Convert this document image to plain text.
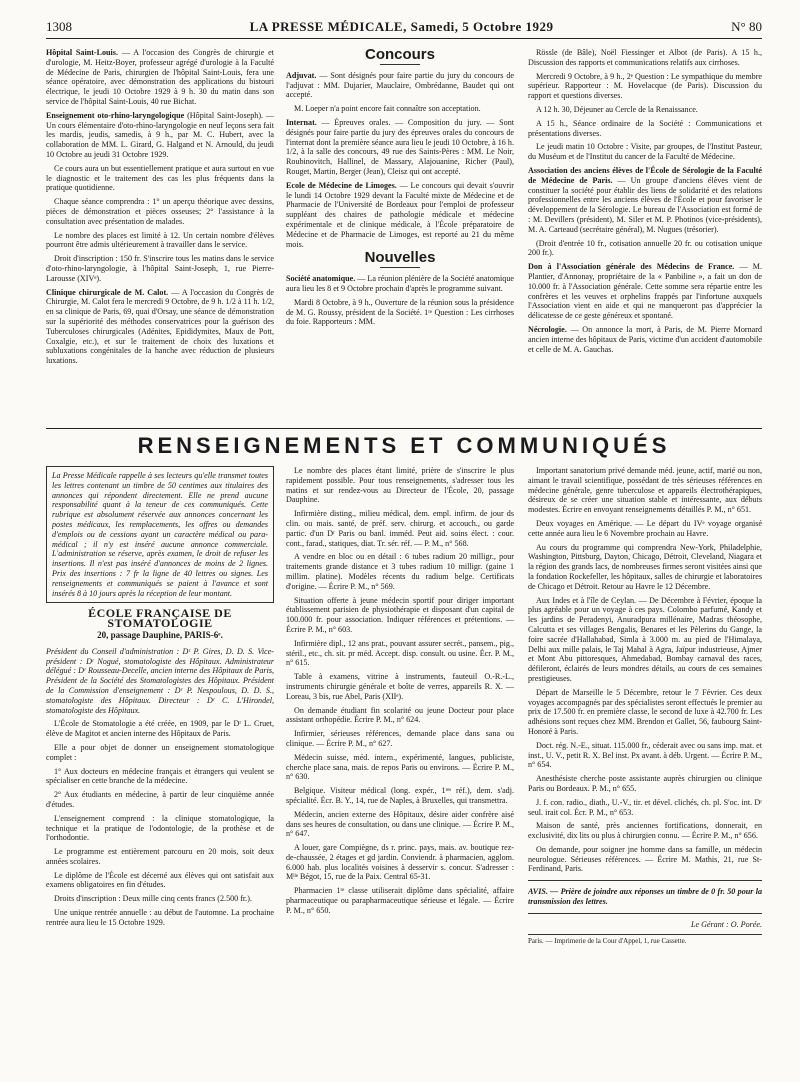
1308	LA PRESSE MÉDICALE, Samedi, 5 Octobre 1929	N° 80

Hôpital Saint-Louis. — A l'occasion des Congrès de chirurgie et d'urologie, M. Heitz-Boyer, professeur agrégé d'urologie à la Faculté de Médecine de Paris, chirurgien de l'hôpital Saint-Louis, fera une séance opératoire, avec démonstration des applications du bistouri électrique, le jeudi 10 Octobre 1929 à 9 h. 30 du matin dans son service de l'hôpital Saint-Louis, 40 rue Bichat.

Enseignement oto-rhino-laryngologique (Hôpital Saint-Joseph). — Un cours élémentaire d'oto-rhino-laryngologie en neuf leçons sera fait les mardis, jeudis, samedis, à 9 h., par M. C. Hubert, avec la collaboration de MM. L. Girard, G. Halgand et N. Arnould, du jeudi 10 Octobre au jeudi 31 Octobre 1929.

Ce cours aura un but essentiellement pratique et aura surtout en vue le diagnostic et le traitement des cas les plus fréquents dans la pratique quotidienne.

Chaque séance comprendra : 1° un aperçu théorique avec dessins, pièces de démonstration et pièces osseuses; 2° l'assistance à la consultation avec présentation de malades.

Le nombre des places est limité à 12. Un certain nombre d'élèves pourront être admis ultérieurement à travailler dans le service.

Droit d'inscription : 150 fr. S'inscrire tous les matins dans le service d'oto-rhino-laryngologie, à l'hôpital Saint-Joseph, 1, rue Pierre-Larousse (XIVᵉ).

Clinique chirurgicale de M. Calot. — A l'occasion du Congrès de Chirurgie, M. Calot fera le mercredi 9 Octobre, de 9 h. 1/2 à 11 h. 1/2, en sa clinique de Paris, 69, quai d'Orsay, une séance de démonstration sur la supériorité des méthodes conservatrices pour la guérison des Tuberculoses chirurgicales (Adénites, Epididymites, Maux de Pott, Coxalgie, etc.), et sur le traitement de choix des luxations et subluxations congénitales de la hanche avec réduction de plusieurs luxations.

Concours

Adjuvat. — Sont désignés pour faire partie du jury du concours de l'adjuvat : MM. Dujarier, Mauclaire, Ombrédanne, Baudet qui ont accepté.

M. Loeper n'a point encore fait connaître son acceptation.

Internat. — Épreuves orales. — Composition du jury. — Sont désignés pour faire partie du jury des épreuves orales du concours de l'internat dont la première séance aura lieu le jeudi 10 Octobre, à 16 h. 1/2, à la salle des concours, 49 rue des Saints-Pères : MM. Le Noir, Roubinovitch, Hallinel, de Massary, Alajouanine, Richer (Paul), Rouget, Martin, Berger (Jean), Cleisz qui ont accepté.

Ecole de Médecine de Limoges. — Le concours qui devait s'ouvrir le lundi 14 Octobre 1929 devant la Faculté mixte de Médecine et de Pharmacie de l'Université de Bordeaux pour l'emploi de professeur suppléant des chaires de pathologie médicale et médecine expérimentale et de clinique médicale, à l'École préparatoire de Médecine et de Pharmacie de Limoges, est reporté au 21 du même mois.

Nouvelles

Société anatomique. — La réunion plénière de la Société anatomique aura lieu les 8 et 9 Octobre prochain d'après le programme suivant.

Mardi 8 Octobre, à 9 h., Ouverture de la réunion sous la présidence de M. G. Roussy, président de la Société. 1ʳᵉ Question : Les cirrhoses du foie. Rapporteurs : MM.

Rössle (de Bâle), Noël Fiessinger et Albot (de Paris). A 15 h., Discussion des rapports et communications relatifs aux cirrhoses.

Mercredi 9 Octobre, à 9 h., 2ᵉ Question : Le sympathique du membre supérieur. Rapporteur : M. Hovelacque (de Paris). Discussion du rapport et questions diverses.

A 12 h. 30, Déjeuner au Cercle de la Renaissance.

A 15 h., Séance ordinaire de la Société : Communications et présentations diverses.

Le jeudi matin 10 Octobre : Visite, par groupes, de l'Institut Pasteur, du Muséum et de l'Institut du cancer de la Faculté de Médecine.

Association des anciens élèves de l'École de Sérologie de la Faculté de Médecine de Paris. — Un groupe d'anciens élèves vient de constituer la société pour établir des liens de solidarité et des relations professionnelles entre les anciens élèves de l'École et pour favoriser le développement de la Sérologie. Le bureau de l'Association est formé de : M. Devillers (président), M. Siler et M. P. Photinos (vice-présidents), M. A. Carteaud (secrétaire général), M. Nugues (trésorier).

(Droit d'entrée 10 fr., cotisation annuelle 20 fr. ou cotisation unique 200 fr.).

Don à l'Association générale des Médecins de France. — M. Plantier, d'Annonay, propriétaire de la « Panbiline », a fait un don de 10.000 fr. à l'Association générale. Cette somme sera répartie entre les confrères et les veuves et orphelins frappés par l'infortune auxquels l'Association vient en aide et qui ne manqueront pas d'apprécier la délicatesse de ce geste généreux et spontané.

Nécrologie. — On annonce la mort, à Paris, de M. Pierre Mornard ancien interne des hôpitaux de Paris, victime d'un accident d'automobile et celle de M. A. Gauchas.

RENSEIGNEMENTS ET COMMUNIQUÉS
La Presse Médicale rappelle à ses lecteurs qu'elle transmet toutes les lettres contenant un timbre de 50 centimes aux titulaires des annonces qui répondent directement. Elle ne prend aucune responsabilité quant à la teneur de ces communiqués. Cette rubrique est absolument réservée aux annonces concernant les postes médicaux, les remplacements, les offres ou demandes d'emplois ou de cessions ayant un caractère médical ou para-médical ; il n'y est inséré aucune annonce commerciale. L'administration se réserve, après examen, le droit de refuser les insertions. Il n'est pas inséré d'annonces de moins de 2 lignes. Prix des insertions : 7 fr la ligne de 40 lettres ou signes. Les renseignements et communiqués se paient à l'avance et sont insérés 8 à 10 jours après la réception de leur montant.
ÉCOLE FRANÇAISE DE STOMATOLOGIE
20, passage Dauphine, PARIS-6ᵉ.

Président du Conseil d'administration : Dʳ P. Gires, D. D. S. Vice-président : Dʳ Nogué, stomatologiste des Hôpitaux. Administrateur délégué : Dʳ Rousseau-Decelle, ancien interne des Hôpitaux de Paris, Président de la Société des Stomatologistes des Hôpitaux. Président de la Commission d'enseignement : Dʳ P. Nespoulous, D. D. S., stomatologiste des Hôpitaux. Directeur : Dʳ C. L'Hirondel, stomatologiste des Hôpitaux.

L'École de Stomatologie a été créée, en 1909, par le Dʳ L. Cruet, élève de Magitot et ancien interne des Hôpitaux de Paris.

Elle a pour objet de donner un enseignement stomatologique complet :

1° Aux docteurs en médecine français et étrangers qui veulent se spécialiser en cette branche de la médecine.

2° Aux étudiants en médecine, à partir de leur cinquième année d'études.

L'enseignement comprend : la clinique stomatologique, la technique et la pratique de l'odontologie, de la prothèse et de l'orthodontie.

Le programme est entièrement parcouru en 20 mois, soit deux années scolaires.

Le diplôme de l'École est décerné aux élèves qui ont satisfait aux examens obligatoires en fin d'études.

Droits d'inscription : Deux mille cinq cents francs (2.500 fr.).

Une unique rentrée annuelle : au début de l'automne. La prochaine rentrée aura lieu le 15 Octobre 1929.

Le nombre des places étant limité, prière de s'inscrire le plus rapidement possible. Pour tous renseignements, s'adresser tous les matins et sur rendez-vous au Directeur de l'École, 20, passage Dauphine.

Infirmière disting., milieu médical, dem. empl. infirm. de jour ds clin. ou mais. santé, de préf. serv. chirurg. et accouch., ou garde partic. d'un Dʳ Paris ou banl. imméd. Peut aid. soins élect. : cour. cont., farad., statiques, diat. Tr. sér. réf. — P. M., n° 568.

A vendre en bloc ou en détail : 6 tubes radium 20 milligr., pour traitements grande distance et 3 tubes radium 10 milligr. (gaine 1 millim. platine). Modèles récents du radium belge. Certificats d'origine. — Écrire P. M., n° 569.

Situation offerte à jeune médecin sportif pour diriger important établissement parisien de physiothérapie et disposant d'un capital de 100.000 fr. pour association. Indiquer références et prétentions. — Écrire P. M., n° 603.

Infirmière dipl., 12 ans prat., pouvant assurer secrét., pansem., pig., stéril., etc., ch. sit. pr méd. Accept. disp. consult. ou usine. Écr. P. M., n° 615.

Table à examens, vitrine à instruments, fauteuil O.-R.-L., instruments chirurgie générale et boîte de verres, appareils R. X. — Loreau, 3 bis, rue Abel, Paris (XIIᵉ).

On demande étudiant fin scolarité ou jeune Docteur pour place assistant orthopédie. Écrire P. M., n° 624.

Infirmier, sérieuses références, demande place dans sana ou clinique. — Écrire P. M., n° 627.

Médecin suisse, méd. intern., expérimenté, langues, publiciste, cherche place sana, mais. de repos Paris ou environs. — Écrire P. M., n° 630.

Belgique. Visiteur médical (long. expér., 1ʳᵉˢ réf.), dem. s'adj. spécialité. Écr. B. Y., 14, rue de Naples, à Bruxelles, qui transmettra.

Médecin, ancien externe des Hôpitaux, désire aider confrère aisé dans ses heures de consultation, ou dans une clinique. — Écrire P. M., n° 647.

A louer, gare Compiègne, ds r. princ. pays, mais. av. boutique rez-de-chaussée, 2 étages et gd jardin. Conviendr. à pharmacien, agglom. 6.000 hab. plus localités voisines à desservir s. concur. S'adresser : Mˡˡᵉ Bégot, 15, rue de la Paix. Central 65-31.

Pharmacien 1ʳᵉ classe utiliserait diplôme dans spécialité, affaire pharmaceutique ou parapharmaceutique sérieuse et légale. — Écrire P. M., n° 650.

Important sanatorium privé demande méd. jeune, actif, marié ou non, aimant le travail scientifique, possédant de très sérieuses références en médecine générale, genre tuberculose et appareils électrothérapiques, désireux de se créer une situation stable et intéressante, aux débuts modestes. Écrire en envoyant renseignements détaillés P. M., n° 651.

Deux voyages en Amérique. — Le départ du IVᵉ voyage organisé cette année aura lieu le 6 Novembre prochain au Havre.

Au cours du programme qui comprendra New-York, Philadelphie, Washington, Pittsburg, Dayton, Chicago, Détroit, Cleveland, Niagara et la région des grands lacs, de nombreuses firmes seront visitées ainsi que la fondation Rockefeller, les hôpitaux, salles de chirurgie et laboratoires de Chicago et Détroit. Retour au Havre le 12 Décembre.

Aux Indes et à l'île de Ceylan. — De Décembre à Février, époque la plus agréable pour un voyage à ces pays. Colombo parfumé, Kandy et les jardins de Peradenyi, Anuradpura millénaire, Madras théosophe, Calcutta et ses villages Bengalis, Benares et les Pèlerins du Gange, la foire sacrée d'Hallahabad, Simla à 3.000 m. au pied de l'Himalaya, Delhi aux mille palais, le Taj Mahal à Agra, Jaïpur industrieuse, Ajmer et Mont Abu pittoresques, Ahmedabad, Bombay carnaval des races, défileront, éclairés de leurs mondres détails, au cours de ces semaines prestigieuses.

Départ de Marseille le 5 Décembre, retour le 7 Février. Ces deux voyages accompagnés par des spécialistes seront effectués le premier au prix de 17.500 fr. en première classe, le second de luxe à 42.700 fr. Les adhésions sont reçues chez MM. Brendon et Gallet, 56, faubourg Saint-Honoré à Paris.

Doct. rég. N.-E., situat. 115.000 fr., céderait avec ou sans imp. mat. et inst., U. V., petit R. X. Bel inst. Px avant. à déb. Urgent. — Écrire P. M., n° 654.

Anesthésiste cherche poste assistante auprès chirurgien ou clinique Paris ou Bordeaux. P. M., n° 655.

J. f. con. radio., diath., U.-V., tir. et dével. clichés, ch. pl. S'oc. int. Dʳ seul. irait col. Écr. P. M., n° 653.

Maison de santé, près anciennes fortifications, donnerait, en exclusivité, dix lits ou plus à chirurgien connu. — Écrire P. M., n° 656.

On demande, pour soigner jne homme dans sa famille, un médecin neurologue. Sérieuses références. — Écrire M. Mathis, 21, rue St-Ferdinand, Paris.

AVIS. — Prière de joindre aux réponses un timbre de 0 fr. 50 pour la transmission des lettres.

Le Gérant : O. Porée.

Paris. — Imprimerie de la Cour d'Appel, 1, rue Cassette.
